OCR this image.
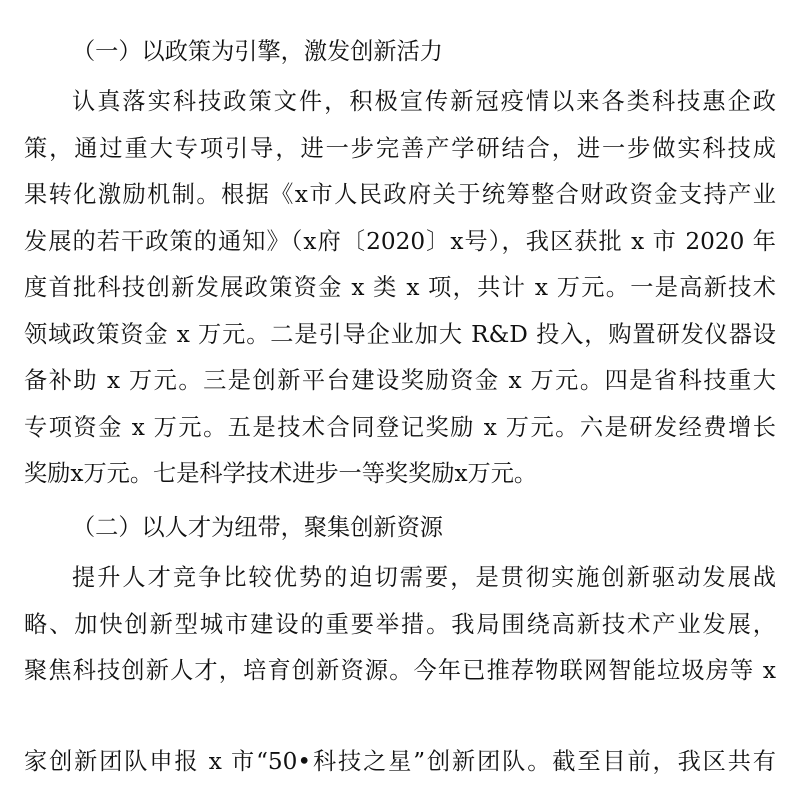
（一）以政策为引擎，激发创新活力
认真落实科技政策文件，积极宣传新冠疫情以来各类科技惠企政
策，通过重大专项引导，进一步完善产学研结合，进一步做实科技成
果转化激励机制。根据《x市人民政府关于统筹整合财政资金支持产业
发展的若干政策的通知》（x府〔2020〕x号），我区获批 x 市 2020 年
度首批科技创新发展政策资金 x 类 x 项，共计 x 万元。一是高新技术
领域政策资金 x 万元。二是引导企业加大 R&D 投入，购置研发仪器设
备补助 x 万元。三是创新平台建设奖励资金 x 万元。四是省科技重大
专项资金 x 万元。五是技术合同登记奖励 x 万元。六是研发经费增长
奖励x万元。七是科学技术进步一等奖奖励x万元。
（二）以人才为纽带，聚集创新资源
提升人才竞争比较优势的迫切需要，是贯彻实施创新驱动发展战
略、加快创新型城市建设的重要举措。我局围绕高新技术产业发展，
聚焦科技创新人才，培育创新资源。今年已推荐物联网智能垃圾房等 x
家创新团队申报 x 市“50•科技之星”创新团队。截至目前，我区共有
